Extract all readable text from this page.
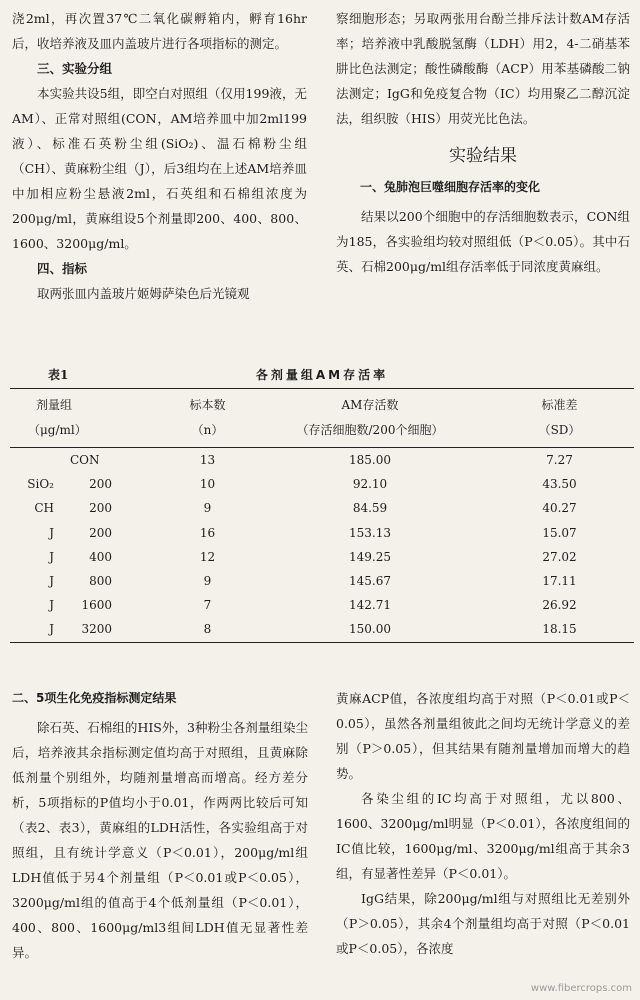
浇2ml，再次置37℃二氧化碳孵箱内，孵育16hr后，收培养液及皿内盖玻片进行各项指标的测定。

三、实验分组

本实验共设5组，即空白对照组（仅用199液，无AM）、正常对照组(CON，AM培养皿中加2ml199液）、标准石英粉尘组(SiO₂)、温石棉粉尘组（CH）、黄麻粉尘组（J），后3组均在上述AM培养皿中加相应粉尘悬液2ml，石英组和石棉组浓度为200μg/ml，黄麻组设5个剂量即200、400、800、1600、3200μg/ml。

四、指标

取两张皿内盖玻片姬姆萨染色后光镜观

察细胞形态；另取两张用台酚兰排斥法计数AM存活率；培养液中乳酸脱氢酶（LDH）用2，4-二硝基苯肼比色法测定；酸性磷酸酶（ACP）用苯基磷酸二钠法测定；IgG和免疫复合物（IC）均用聚乙二醇沉淀法，组织胺（HIS）用荧光比色法。

实验结果
一、兔肺泡巨噬细胞存活率的变化

结果以200个细胞中的存活细胞数表示，CON组为185，各实验组均较对照组低（P＜0.05）。其中石英、石棉200μg/ml组存活率低于同浓度黄麻组。

表1	各剂量组AM存活率
剂量组	标本数	AM存活数	标准差
（μg/ml）	（n）	（存活细胞数/200个细胞）	（SD）

CON	13	185.00	7.27
SiO₂ 200	10	92.10	43.50
CH 200	9	84.59	40.27
J 200	16	153.13	15.07
J 400	12	149.25	27.02
J 800	9	145.67	17.11
J 1600	7	142.71	26.92
J 3200	8	150.00	18.15
二、5项生化免疫指标测定结果

除石英、石棉组的HIS外，3种粉尘各剂量组染尘后，培养液其余指标测定值均高于对照组，且黄麻除低剂量个别组外，均随剂量增高而增高。经方差分析，5项指标的P值均小于0.01，作两两比较后可知（表2、表3），黄麻组的LDH活性，各实验组高于对照组，且有统计学意义（P＜0.01），200μg/ml组LDH值低于另4个剂量组（P＜0.01或P＜0.05），3200μg/ml组的值高于4个低剂量组（P＜0.01），400、800、1600μg/ml3组间LDH值无显著性差异。

黄麻ACP值，各浓度组均高于对照（P＜0.01或P＜0.05），虽然各剂量组彼此之间均无统计学意义的差别（P＞0.05），但其结果有随剂量增加而增大的趋势。

各染尘组的IC均高于对照组，尤以800、1600、3200μg/ml明显（P＜0.01），各浓度组间的IC值比较，1600μg/ml、3200μg/ml组高于其余3组，有显著性差异（P＜0.01）。

IgG结果，除200μg/ml组与对照组比无差别外（P＞0.05），其余4个剂量组均高于对照（P＜0.01或P＜0.05），各浓度

www.fibercrops.com
